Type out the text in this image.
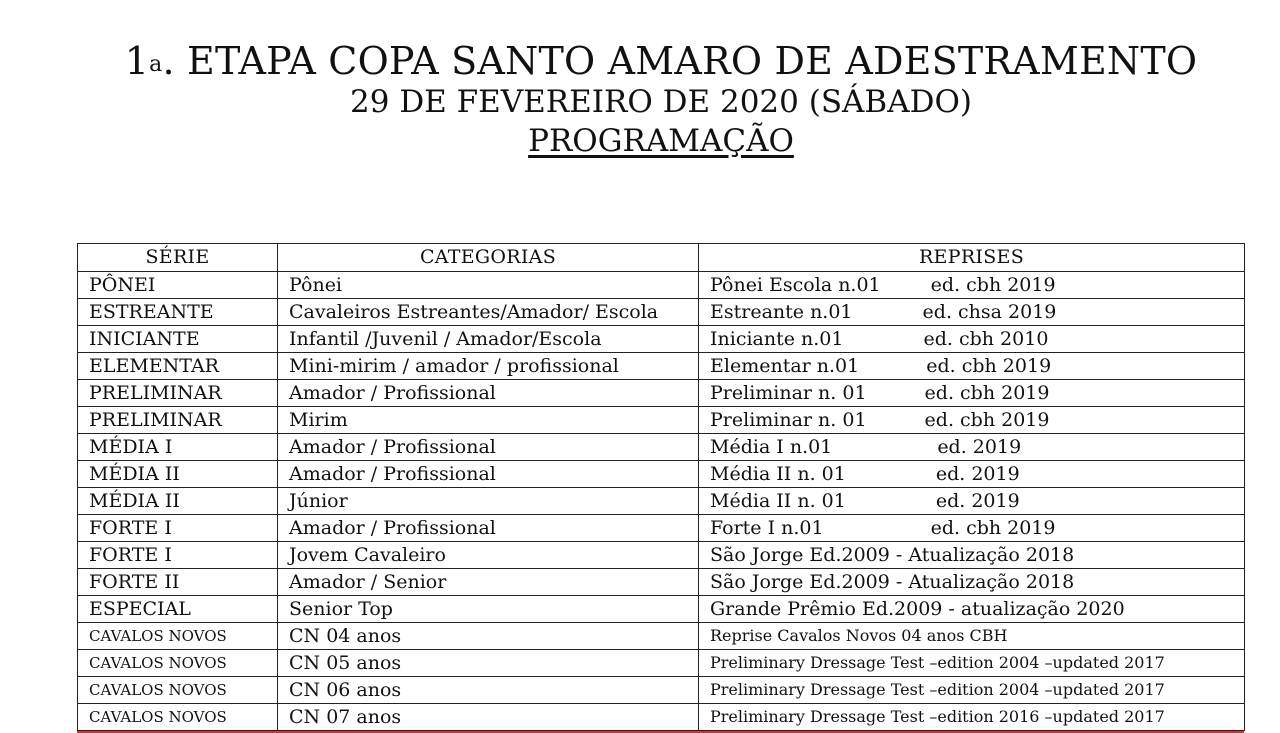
1$^a$. ETAPA COPA SANTO AMARO DE ADESTRAMENTO
29 DE FEVEREIRO DE 2020 (SÁBADO)
PROGRAMAÇÃO
SÉRIE	CATEGORIAS	REPRISES
PÔNEI	Pônei	Pônei Escola n.01 ed. cbh 2019
ESTREANTE	Cavaleiros Estreantes/Amador/ Escola	Estreante n.01 ed. chsa 2019
INICIANTE	Infantil /Juvenil / Amador/Escola	Iniciante n.01 ed. cbh 2010
ELEMENTAR	Mini-mirim / amador / profissional	Elementar n.01 ed. cbh 2019
PRELIMINAR	Amador / Profissional	Preliminar n. 01 ed. cbh 2019
PRELIMINAR	Mirim	Preliminar n. 01 ed. cbh 2019
MÉDIA I	Amador / Profissional	Média I n.01 ed. 2019
MÉDIA II	Amador / Profissional	Média II n. 01 ed. 2019
MÉDIA II	Júnior	Média II n. 01 ed. 2019
FORTE I	Amador / Profissional	Forte I n.01 ed. cbh 2019
FORTE I	Jovem Cavaleiro	São Jorge Ed.2009 - Atualização 2018
FORTE II	Amador / Senior	São Jorge Ed.2009 - Atualização 2018
ESPECIAL	Senior Top	Grande Prêmio Ed.2009 - atualização 2020
CAVALOS NOVOS	CN 04 anos	Reprise Cavalos Novos 04 anos CBH
CAVALOS NOVOS	CN 05 anos	Preliminary Dressage Test –edition 2004 –updated 2017
CAVALOS NOVOS	CN 06 anos	Preliminary Dressage Test –edition 2004 –updated 2017
CAVALOS NOVOS	CN 07 anos	Preliminary Dressage Test –edition 2016 –updated 2017
